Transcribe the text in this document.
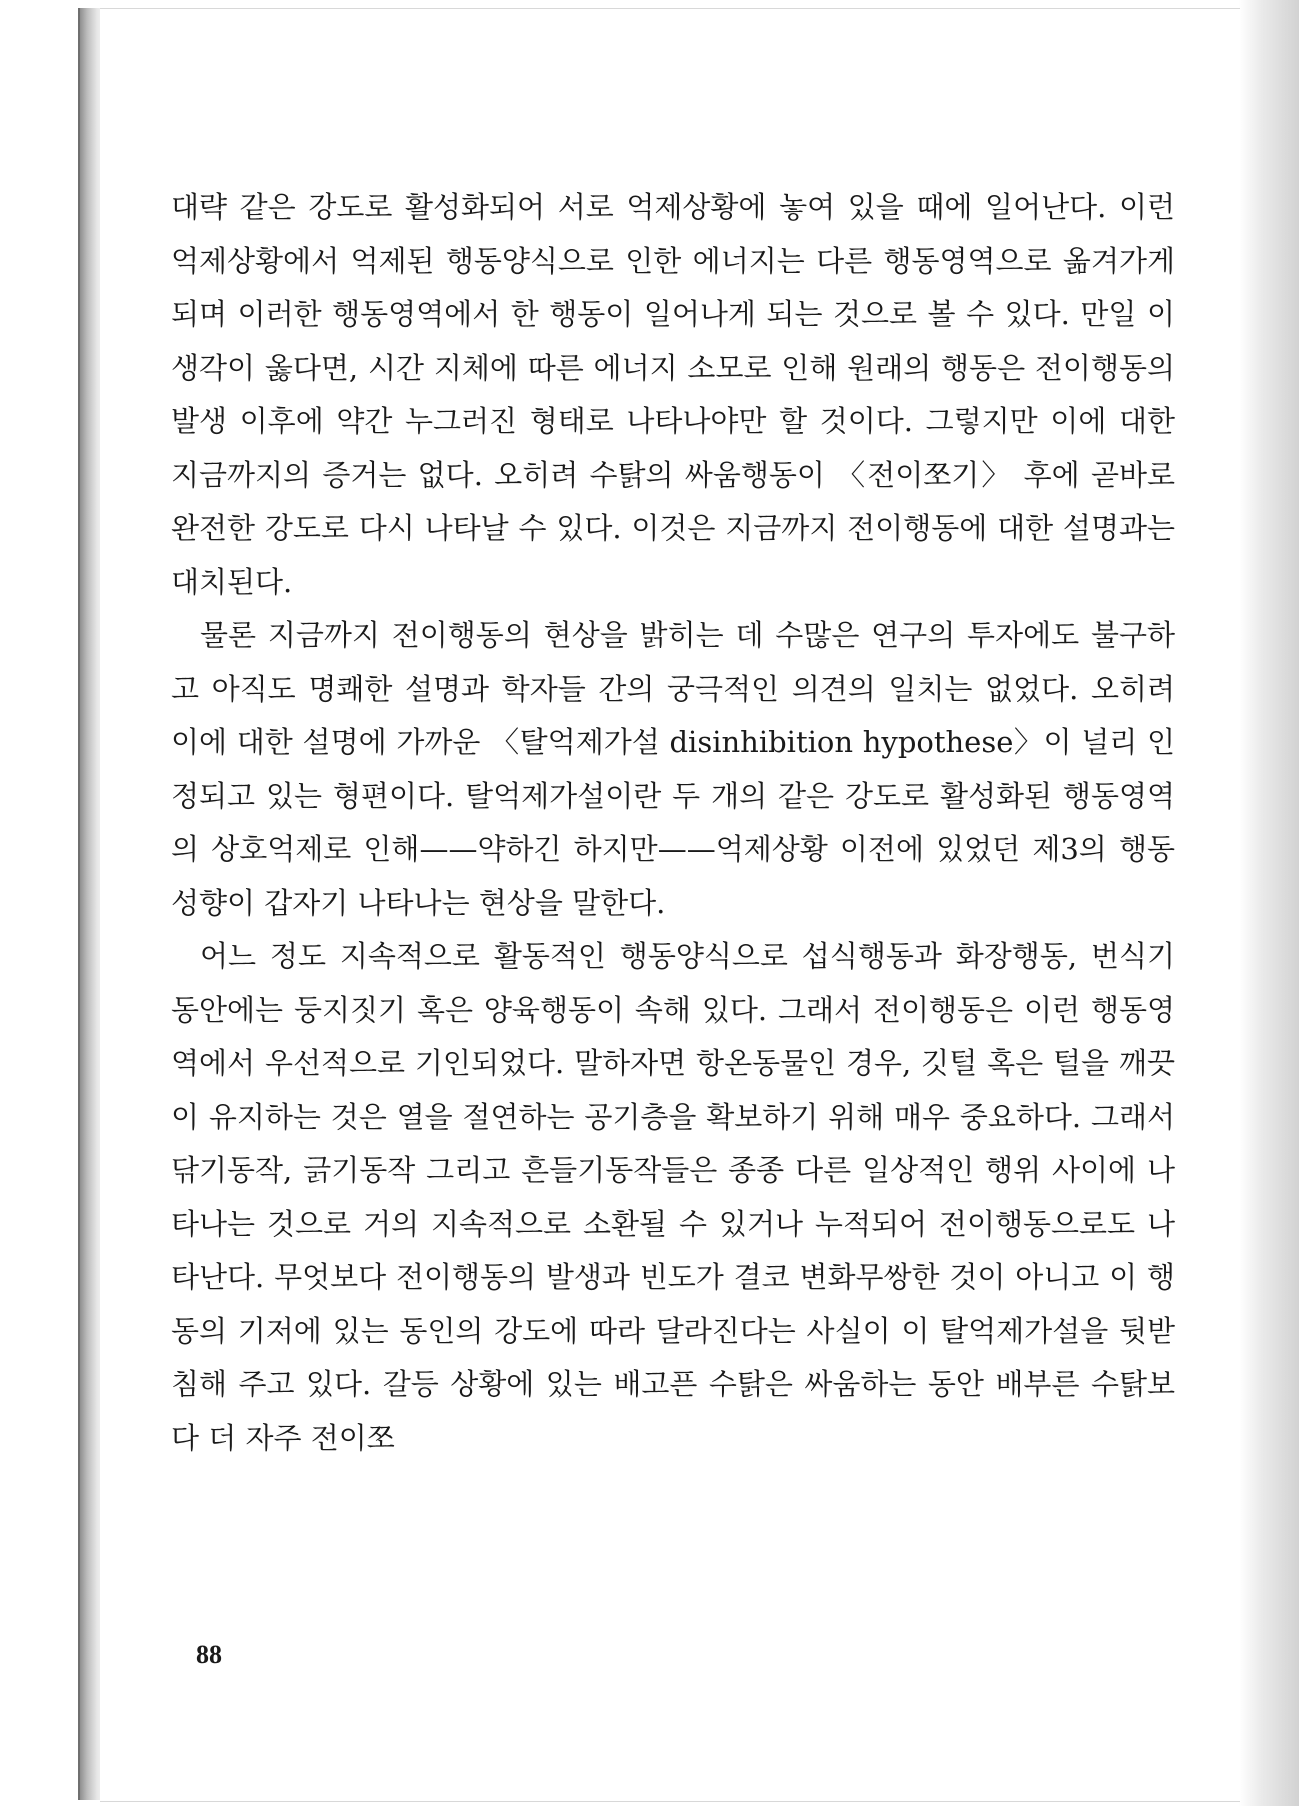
대략 같은 강도로 활성화되어 서로 억제상황에 놓여 있을 때에 일어난다. 이런 억제상황에서 억제된 행동양식으로 인한 에너지는 다른 행동영역으로 옮겨가게 되며 이러한 행동영역에서 한 행동이 일어나게 되는 것으로 볼 수 있다. 만일 이 생각이 옳다면, 시간 지체에 따른 에너지 소모로 인해 원래의 행동은 전이행동의 발생 이후에 약간 누그러진 형태로 나타나야만 할 것이다. 그렇지만 이에 대한 지금까지의 증거는 없다. 오히려 수탉의 싸움행동이 〈전이쪼기〉 후에 곧바로 완전한 강도로 다시 나타날 수 있다. 이것은 지금까지 전이행동에 대한 설명과는 대치된다.

물론 지금까지 전이행동의 현상을 밝히는 데 수많은 연구의 투자에도 불구하고 아직도 명쾌한 설명과 학자들 간의 궁극적인 의견의 일치는 없었다. 오히려 이에 대한 설명에 가까운 〈탈억제가설 disinhibition hypothese〉이 널리 인정되고 있는 형편이다. 탈억제가설이란 두 개의 같은 강도로 활성화된 행동영역의 상호억제로 인해——약하긴 하지만——억제상황 이전에 있었던 제3의 행동 성향이 갑자기 나타나는 현상을 말한다.

어느 정도 지속적으로 활동적인 행동양식으로 섭식행동과 화장행동, 번식기 동안에는 둥지짓기 혹은 양육행동이 속해 있다. 그래서 전이행동은 이런 행동영역에서 우선적으로 기인되었다. 말하자면 항온동물인 경우, 깃털 혹은 털을 깨끗이 유지하는 것은 열을 절연하는 공기층을 확보하기 위해 매우 중요하다. 그래서 닦기동작, 긁기동작 그리고 흔들기동작들은 종종 다른 일상적인 행위 사이에 나타나는 것으로 거의 지속적으로 소환될 수 있거나 누적되어 전이행동으로도 나타난다. 무엇보다 전이행동의 발생과 빈도가 결코 변화무쌍한 것이 아니고 이 행동의 기저에 있는 동인의 강도에 따라 달라진다는 사실이 이 탈억제가설을 뒷받침해 주고 있다. 갈등 상황에 있는 배고픈 수탉은 싸움하는 동안 배부른 수탉보다 더 자주 전이쪼

88
